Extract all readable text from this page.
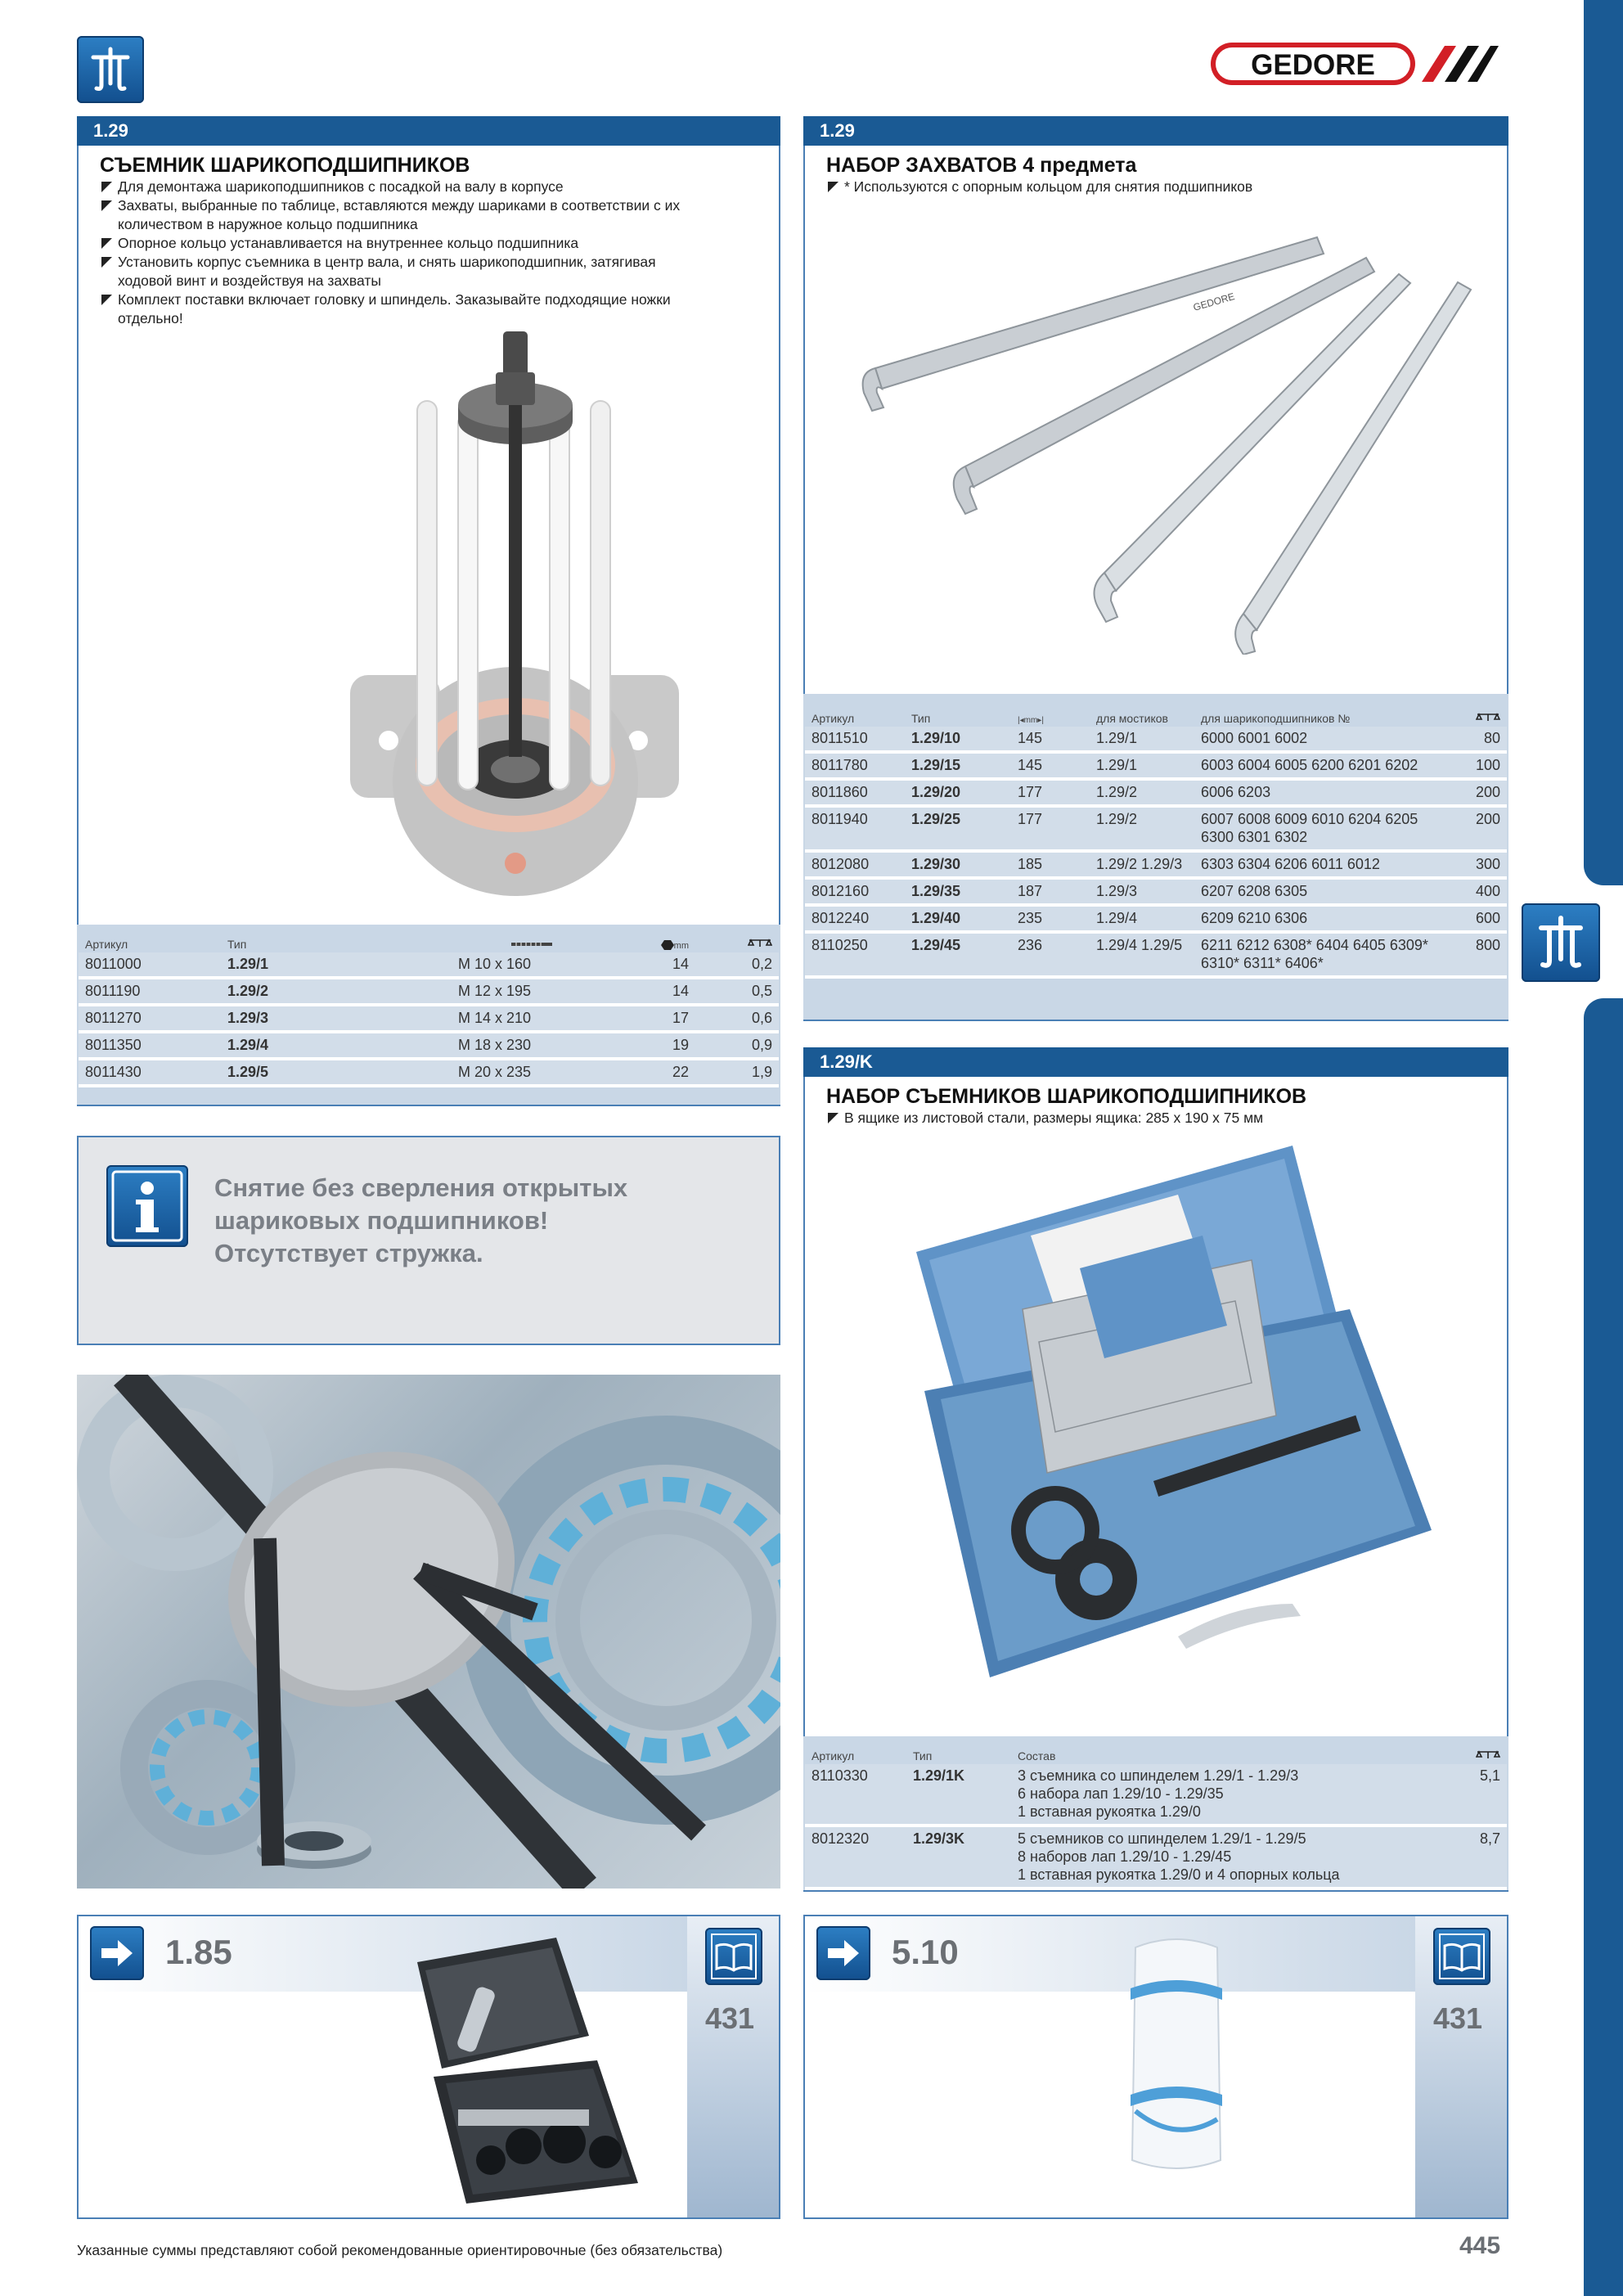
GEDORE
1.29
СЪЕМНИК ШАРИКОПОДШИПНИКОВ
Для демонтажа шарикоподшипников с посадкой на валу в корпусе
Захваты, выбранные по таблице, вставляются между шариками в соответствии с их количеством в наружное кольцо подшипника
Опорное кольцо устанавливается на внутреннее кольцо подшипника
Установить корпус съемника в центр вала, и снять шарикоподшипник, затягивая ходовой винт и воздействуя на захваты
Комплект поставки включает головку и шпиндель. Заказывайте подходящие ножки отдельно!
Артикул	Тип		mm	
8011000	1.29/1	M 10 x 160	14	0,2
8011190	1.29/2	M 12 x 195	14	0,5
8011270	1.29/3	M 14 x 210	17	0,6
8011350	1.29/4	M 18 x 230	19	0,9
8011430	1.29/5	M 20 x 235	22	1,9
Снятие без сверления открытых
шариковых подшипников!
Отсутствует стружка.
1.85
431
1.29
НАБОР ЗАХВАТОВ 4 предмета
* Используются с опорным кольцом для снятия подшипников
GEDORE
Артикул	Тип	|◂mm▸|	для мостиков	для шарикоподшипников №	
8011510	1.29/10	145	1.29/1	6000 6001 6002	80
8011780	1.29/15	145	1.29/1	6003 6004 6005 6200 6201 6202	100
8011860	1.29/20	177	1.29/2	6006 6203	200
8011940	1.29/25	177	1.29/2	6007 6008 6009 6010 6204 6205 6300 6301 6302	200
8012080	1.29/30	185	1.29/2 1.29/3	6303 6304 6206 6011 6012	300
8012160	1.29/35	187	1.29/3	6207 6208 6305	400
8012240	1.29/40	235	1.29/4	6209 6210 6306	600
8110250	1.29/45	236	1.29/4 1.29/5	6211 6212 6308* 6404 6405 6309* 6310* 6311* 6406*	800
1.29/K
НАБОР СЪЕМНИКОВ ШАРИКОПОДШИПНИКОВ
В ящике из листовой стали, размеры ящика: 285 x 190 x 75 мм
Артикул	Тип	Состав	
8110330	1.29/1K	3 съемника со шпинделем 1.29/1 - 1.29/3
6 набора лап 1.29/10 - 1.29/35
1 вставная рукоятка 1.29/0	5,1
8012320	1.29/3K	5 съемников со шпинделем 1.29/1 - 1.29/5
8 наборов лап 1.29/10 - 1.29/45
1 вставная рукоятка 1.29/0 и 4 опорных кольца	8,7
5.10
431
Указанные суммы представляют собой рекомендованные ориентировочные (без обязательства)	445
